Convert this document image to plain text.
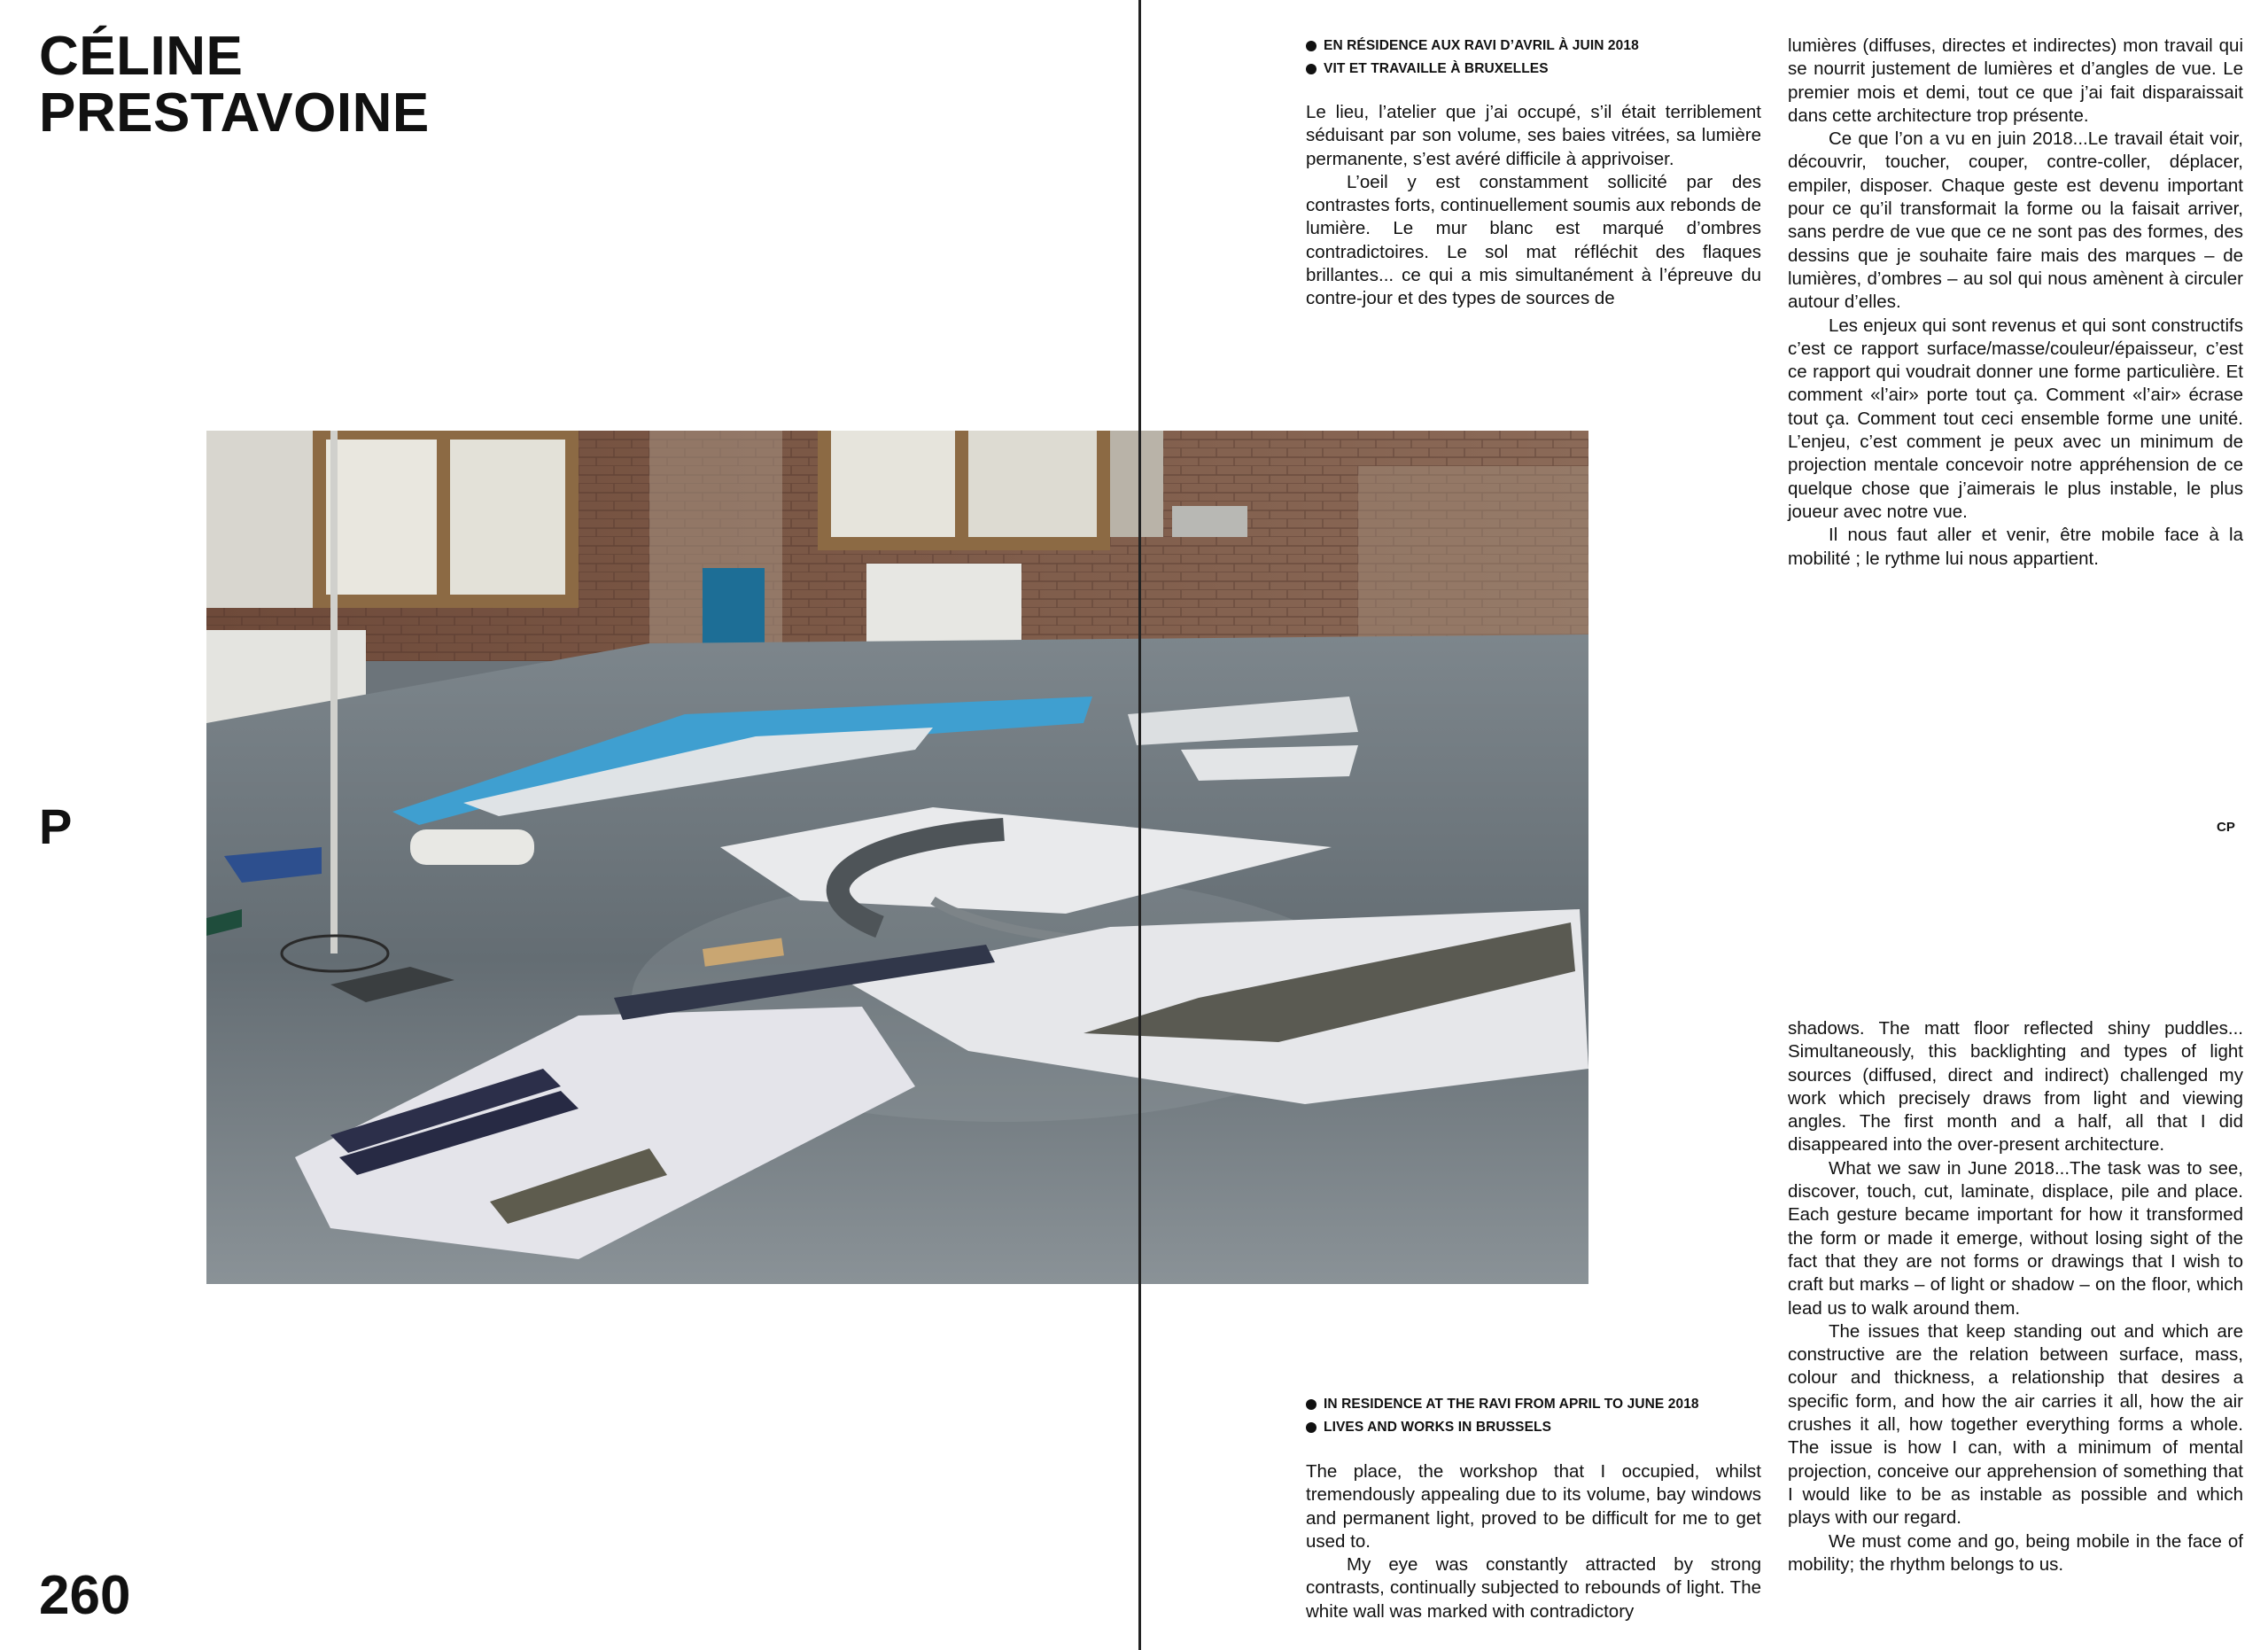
CÉLINE
PRESTAVOINE
P
260
EN RÉSIDENCE AUX RAVI D’AVRIL À JUIN 2018
VIT ET TRAVAILLE À BRUXELLES

Le lieu, l’atelier que j’ai occupé, s’il était terriblement séduisant par son volume, ses baies vitrées, sa lumière permanente, s’est avéré difficile à apprivoiser.

L’oeil y est constamment sollicité par des contrastes forts, continuellement soumis aux rebonds de lumière. Le mur blanc est marqué d’ombres contradictoires. Le sol mat réfléchit des flaques brillantes... ce qui a mis simultanément à l’épreuve du contre-jour et des types de sources de

lumières (diffuses, directes et indirectes) mon travail qui se nourrit justement de lumières et d’angles de vue. Le premier mois et demi, tout ce que j’ai fait disparaissait dans cette architecture trop présente.

Ce que l’on a vu en juin 2018...Le travail était voir, découvrir, toucher, couper, contre-coller, déplacer, empiler, disposer. Chaque geste est devenu important pour ce qu’il transformait la forme ou la faisait arriver, sans perdre de vue que ce ne sont pas des formes, des dessins que je souhaite faire mais des marques – de lumières, d’ombres – au sol qui nous amènent à circuler autour d’elles.

Les enjeux qui sont revenus et qui sont constructifs c’est ce rapport surface/masse/couleur/épaisseur, c’est ce rapport qui voudrait donner une forme particulière. Et comment «l’air» porte tout ça. Comment «l’air» écrase tout ça. Comment tout ceci ensemble forme une unité. L’enjeu, c’est comment je peux avec un minimum de projection mentale concevoir notre appréhension de ce quelque chose que j’aimerais le plus instable, le plus joueur avec notre vue.

Il nous faut aller et venir, être mobile face à la mobilité ; le rythme lui nous appartient.

CP
IN RESIDENCE AT THE RAVI FROM APRIL TO JUNE 2018
LIVES AND WORKS IN BRUSSELS

The place, the workshop that I occupied, whilst tremendously appealing due to its volume, bay windows and permanent light, proved to be difficult for me to get used to.

My eye was constantly attracted by strong contrasts, continually subjected to rebounds of light. The white wall was marked with contradictory

shadows. The matt floor reflected shiny puddles... Simultaneously, this backlighting and types of light sources (diffused, direct and indirect) challenged my work which precisely draws from light and viewing angles. The first month and a half, all that I did disappeared into the over-present architecture.

What we saw in June 2018...The task was to see, discover, touch, cut, laminate, displace, pile and place. Each gesture became important for how it transformed the form or made it emerge, without losing sight of the fact that they are not forms or drawings that I wish to craft but marks – of light or shadow – on the floor, which lead us to walk around them.

The issues that keep standing out and which are constructive are the relation between surface, mass, colour and thickness, a relationship that desires a specific form, and how the air carries it all, how the air crushes it all, how together everything forms a whole. The issue is how I can, with a minimum of mental projection, conceive our apprehension of something that I would like to be as instable as possible and which plays with our regard.

We must come and go, being mobile in the face of mobility; the rhythm belongs to us.
